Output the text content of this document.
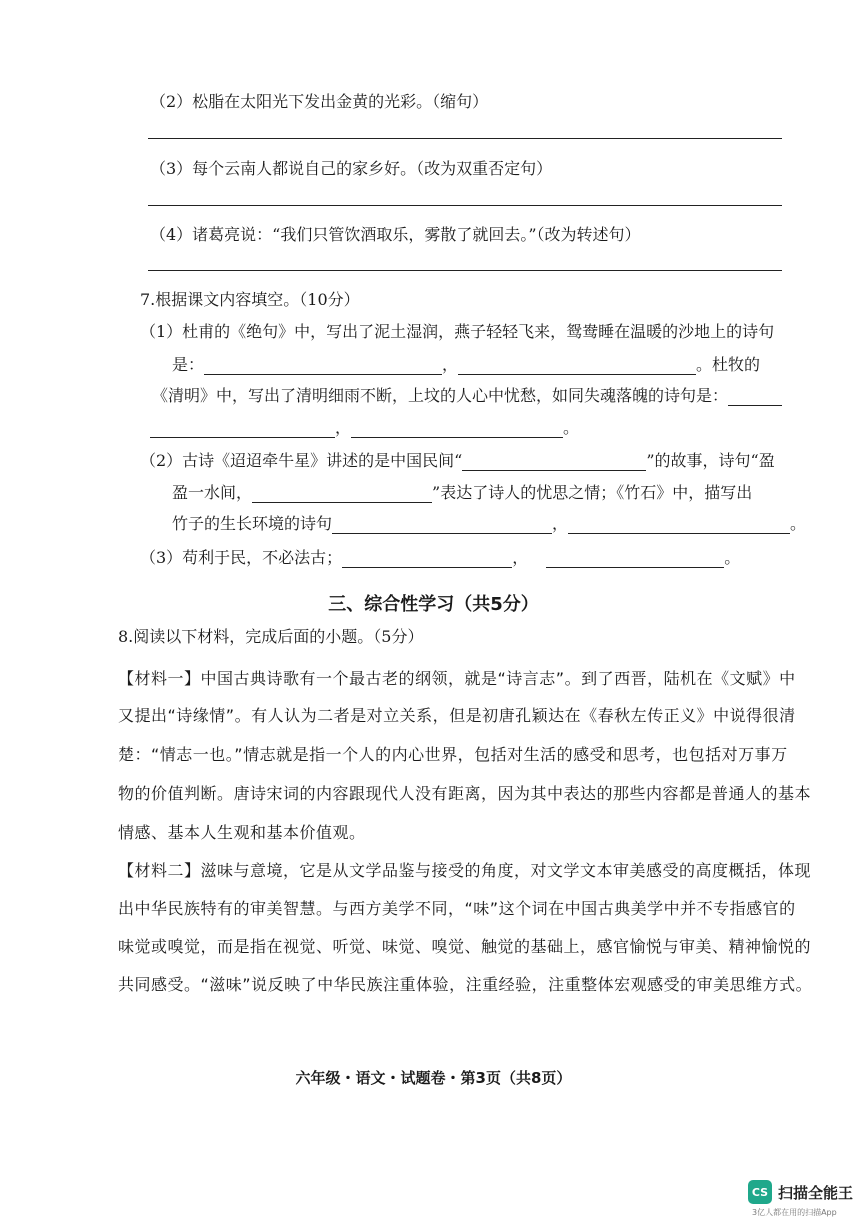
（2）松脂在太阳光下发出金黄的光彩。（缩句）
（3）每个云南人都说自己的家乡好。（改为双重否定句）
（4）诸葛亮说：“我们只管饮酒取乐，雾散了就回去。”（改为转述句）
7.根据课文内容填空。（10分）
（1）杜甫的《绝句》中，写出了泥土湿润，燕子轻轻飞来，鸳鸯睡在温暖的沙地上的诗句
是：	，	。杜牧的
《清明》中，写出了清明细雨不断，上坟的人心中忧愁，如同失魂落魄的诗句是：
，	。
（2）古诗《迢迢牵牛星》讲述的是中国民间“	”的故事，诗句“盈
盈一水间，	”表达了诗人的忧思之情；《竹石》中，描写出
竹子的生长环境的诗句	，	。
（3）苟利于民，不必法古；	，	。
三、综合性学习（共5分）
8.阅读以下材料，完成后面的小题。（5分）
【材料一】中国古典诗歌有一个最古老的纲领，就是“诗言志”。到了西晋，陆机在《文赋》中
又提出“诗缘情”。有人认为二者是对立关系，但是初唐孔颖达在《春秋左传正义》中说得很清
楚：“情志一也。”情志就是指一个人的内心世界，包括对生活的感受和思考，也包括对万事万
物的价值判断。唐诗宋词的内容跟现代人没有距离，因为其中表达的那些内容都是普通人的基本
情感、基本人生观和基本价值观。
【材料二】滋味与意境，它是从文学品鉴与接受的角度，对文学文本审美感受的高度概括，体现
出中华民族特有的审美智慧。与西方美学不同，“味”这个词在中国古典美学中并不专指感官的
味觉或嗅觉，而是指在视觉、听觉、味觉、嗅觉、触觉的基础上，感官愉悦与审美、精神愉悦的
共同感受。“滋味”说反映了中华民族注重体验，注重经验，注重整体宏观感受的审美思维方式。
六年级・语文・试题卷・第3页（共8页）
CS 扫描全能王
3亿人都在用的扫描App
